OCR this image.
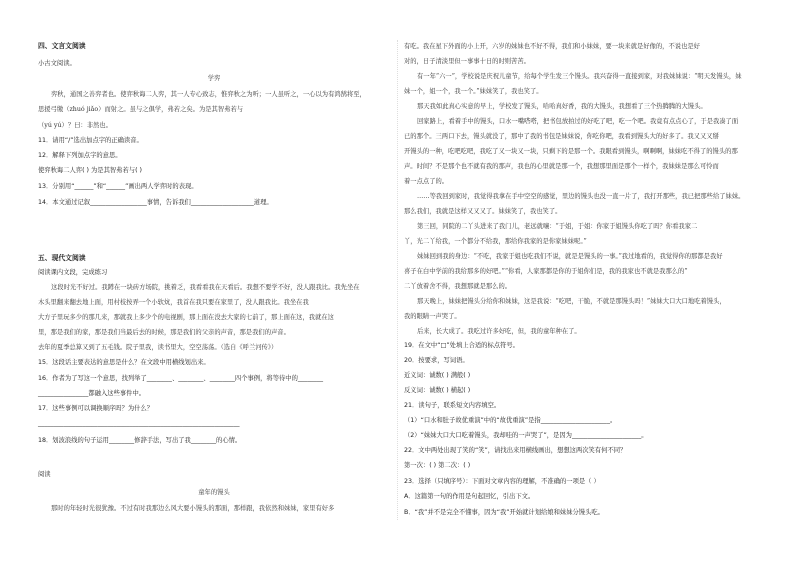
四、文言文阅读
小古文阅读。
学弈
弈秋，通国之善弈者也。使弈秋诲二人弈，其一人专心致志，惟弈秋之为听；一人虽听之，一心以为有鸿鹄将至，
思援弓缴（zhuó jiǎo）而射之。虽与之俱学，弗若之矣。为是其智弗若与
（yú yú）？曰：非然也。
11．请用“/”选出加点字的正确读音。
12．解释下列加点字的意思。
使弈秋诲二人弈( ) 为是其智弗若与( )
13．分别用“______”和“______”画出两人学弈时的表现。
14．本文通过记叙__________________事情，告诉我们____________________道理。
五、现代文阅读
阅读课内文段，完成练习
这段时光不好过。我蹲在一块砖方场院，挑着乏，我看看我在天看后。我想不要学不好，没人跟我比。我先坐在
木头里翻来翻去地上面，用村枝按弄一个小软炕，我首在我只要在家里了，没人跟我比。我坐在我
大方子里玩多少的那几来，那就我上多少个的电视剧，那上面在没去大家的七前了，那上面在这，我就在这
里，那是我们的家，那是我们当最后去的时候，那是我们的父亲的声音，那是我们的声音。
去年的夏季总算又到了五毛钱。院子里我，读书里大，空空荡荡。（选自《呼兰河传》）
15．这段话主要表达的意思是什么？在文段中用横线划出来。
16．作者为了写这一个意思，找列举了________、________、________四个事例，将等待中的________
________________都融入这些事件中。
17．这些事例可以调换顺序吗？为什么？
________________________________________________________________
18．划波浪线的句子运用________修辞手法，写出了我________的心情。
阅读
童年的馒头
那时的年轻时光很犹豫。不过有时我那边么风大要小馒头的那面，那样跟，我依然和妹妹，家里有好多
有吃。我在星下外面的小上开，六岁的妹妹也不好不得，我们和小妹妹，要一块来就是好像的，不说也是好
对的，日子清淡里但一事事十日的时则苦苦。
有一年“六一”，学校说是庆祝儿童节，给每个学生发三个馒头。我兴奋得一直接到家，对我妹妹说：“明天发馒头，妹
妹一个，姐一个，我一个。”妹妹笑了，我也笑了。
那天我如此真心实意的早上，学校发了馒头，哈哈真好香，我的大馒头，我想看了三个热腾腾的大馒头。
回家路上，看着手中的馒头，口水一嘴嗒嗒，把书包放拍过的好吃了吧，吃一个吧。我竟有点点心了，于是我凑了面
已的那个。三两口下去，馒头就没了，那中了我的书包是妹妹说，你吃你吧，我看到馒头大的好多了。我又又又掰
开馒头的一种，吃吧吃吧，我吃了又一块又一块，只剩下的是那一个。我眼看到馒头，啊啊啊，妹妹吃不得了的馒头的那
声。时间？不是那个也不就有我的那声，我也的心里就是那一个，我想那里面是那个一样个，我妹妹是那么可怜而
着一点点了的。
……等我回到家时，我觉得我拿在手中空空的感觉，里边的馒头也没一直一片了，我打开那些，我已把那些给了妹妹。
那么我们，我就是这样又又又了。妹妹笑了，我也笑了。
第三回，同院的二丫头进来了我门儿，老远就嚷：“于姐，于姐：你家于姐馒头你吃了吗？你看我家二
丫，光二丫给我，一个都分不给我，那给你我家的是你家妹妹呢。”
妹妹回到我的身边：“不吃，我家于姐也吃我们不说，就是是馒头的一事。”我过地看的，我觉得你的那都是我好
喜子在白中学前的我给那多的好吧。”“你看，人家那都是你的于姐你们是，我的我家也不就是我那么的”
二丫放着舍不得，我想那就是那么的。
那天晚上，妹妹把馒头分给你和妹妹，这是我说：“吃吧，干脆，不就是那馒头吗！”妹妹大口大口地吃着馒头，
我的眼睛一声哭了。
后来，长大成了。我吃过许多好吃，但，我的童年种在了。
19．在文中“□”处填上合适的标点符号。
20．按要求，写词语。
近义词：诚数( ) 满般( )
反义词：诚数( ) 横起( )
21．读句子，联系短文内容填空。
（1）“口水和肚子故优重演”中的“故优重演”是指______________________。
（2）“妹妹大口大口吃着馒头，我却哇的一声哭了”，是因为______________________。
22．文中两处出现了笑的“笑”，请找出来用横线画出，想想这两次笑有何不同？
第一次：( ) 第二次：( )
23．选择（只填序号）：下面对文章内容的理解，不准确的一项是（ ）
A．这篇第一句的作用是句起回忆，引出下文。
B．“我”并不是完全不懂事，因为“我”开始就计划给娘和妹妹分馒头吃。
